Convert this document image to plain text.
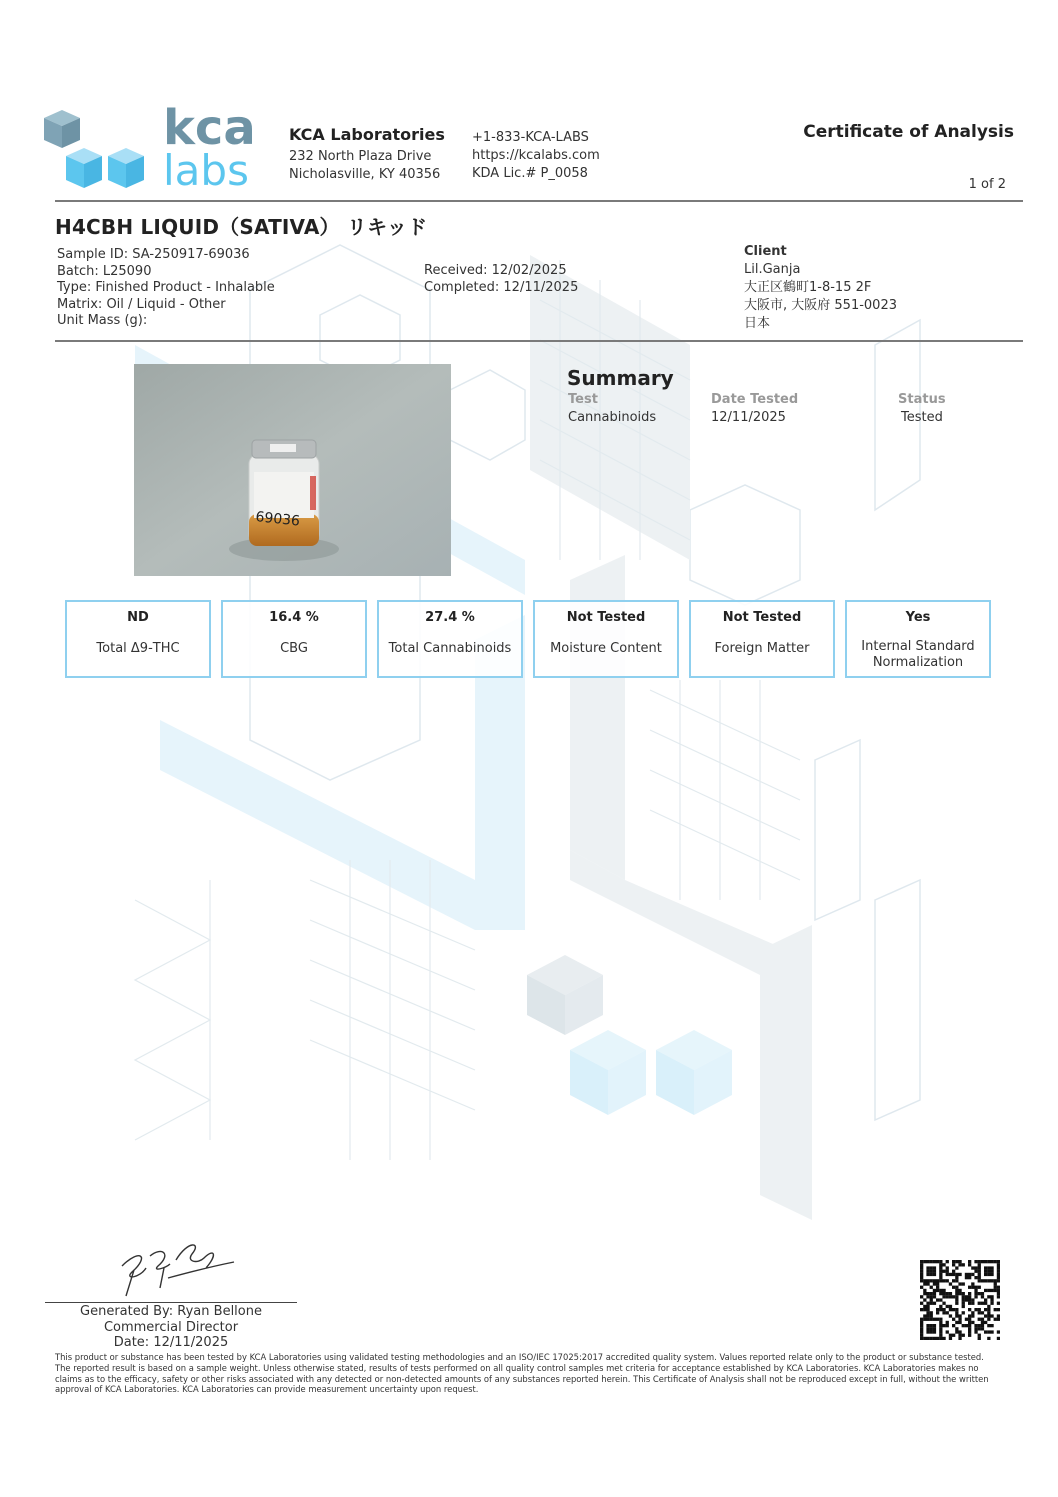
kca
labs
KCA Laboratories
232 North Plaza Drive
Nicholasville, KY 40356
+1-833-KCA-LABS
https://kcalabs.com
KDA Lic.# P_0058
Certificate of Analysis
1 of 2
H4CBH LIQUID（SATIVA） リキッド
Sample ID: SA-250917-69036
Batch: L25090
Type: Finished Product - Inhalable
Matrix: Oil / Liquid - Other
Unit Mass (g):
Received: 12/02/2025
Completed: 12/11/2025
Client
Lil.Ganja
大正区鶴町1-8-15 2F
大阪市, 大阪府 551-0023
日本
69036
Summary
Test	Date Tested	Status
Cannabinoids	12/11/2025	Tested
ND
Total Δ9-THC
16.4 %
CBG
27.4 %
Total Cannabinoids
Not Tested
Moisture Content
Not Tested
Foreign Matter
Yes
Internal Standard Normalization
Generated By: Ryan Bellone
Commercial Director
Date: 12/11/2025
This product or substance has been tested by KCA Laboratories using validated testing methodologies and an ISO/IEC 17025:2017 accredited quality system. Values reported relate only to the product or substance tested. The reported result is based on a sample weight. Unless otherwise stated, results of tests performed on all quality control samples met criteria for acceptance established by KCA Laboratories. KCA Laboratories makes no claims as to the efficacy, safety or other risks associated with any detected or non-detected amounts of any substances reported herein. This Certificate of Analysis shall not be reproduced except in full, without the written approval of KCA Laboratories. KCA Laboratories can provide measurement uncertainty upon request.
